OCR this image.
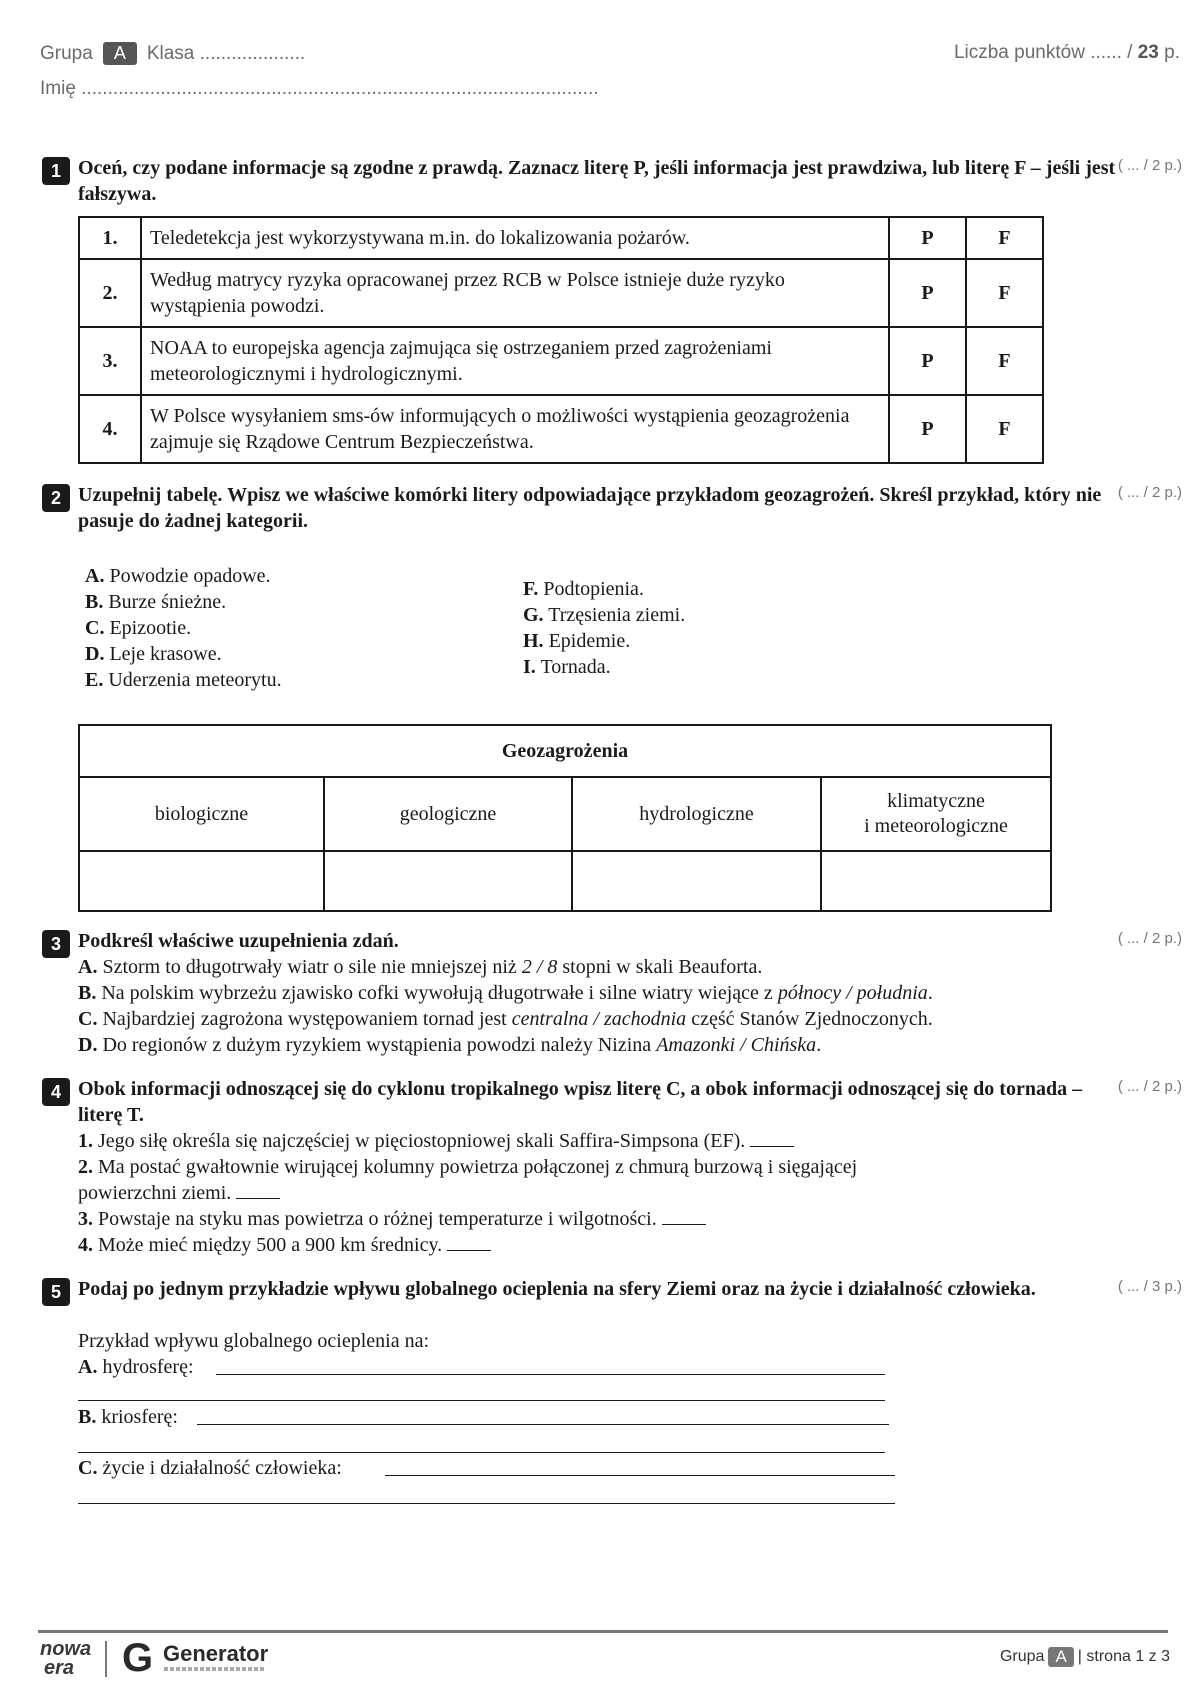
Grupa	A	Klasa ....................
Imię ..................................................................................................
Liczba punktów ...... / 23 p.
1 Oceń, czy podane informacje są zgodne z prawdą. Zaznacz literę P, jeśli informacja jest prawdziwa, lub literę F – jeśli jest fałszywa.
( ... / 2 p.)
1.	Teledetekcja jest wykorzystywana m.in. do lokalizowania pożarów.	P	F
2.	Według matrycy ryzyka opracowanej przez RCB w Polsce istnieje duże ryzyko wystąpienia powodzi.	P	F
3.	NOAA to europejska agencja zajmująca się ostrzeganiem przed zagrożeniami meteorologicznymi i hydrologicznymi.	P	F
4.	W Polsce wysyłaniem sms-ów informujących o możliwości wystąpienia geozagrożenia zajmuje się Rządowe Centrum Bezpieczeństwa.	P	F
2 Uzupełnij tabelę. Wpisz we właściwe komórki litery odpowiadające przykładom geozagrożeń. Skreśl przykład, który nie pasuje do żadnej kategorii.
( ... / 2 p.)
A. Powodzie opadowe.
B. Burze śnieżne.
C. Epizootie.
D. Leje krasowe.
E. Uderzenia meteorytu.
F. Podtopienia.
G. Trzęsienia ziemi.
H. Epidemie.
I. Tornada.
Geozagrożenia			
biologiczne	geologiczne	hydrologiczne	klimatyczne
i meteorologiczne

3 Podkreśl właściwe uzupełnienia zdań.	( ... / 2 p.)
A. Sztorm to długotrwały wiatr o sile nie mniejszej niż 2 / 8 stopni w skali Beauforta.
B. Na polskim wybrzeżu zjawisko cofki wywołują długotrwałe i silne wiatry wiejące z północy / południa.
C. Najbardziej zagrożona występowaniem tornad jest centralna / zachodnia część Stanów Zjednoczonych.
D. Do regionów z dużym ryzykiem wystąpienia powodzi należy Nizina Amazonki / Chińska.
4 Obok informacji odnoszącej się do cyklonu tropikalnego wpisz literę C, a obok informacji odnoszącej się do tornada – literę T.
( ... / 2 p.)
1. Jego siłę określa się najczęściej w pięciostopniowej skali Saffira-Simpsona (EF).
2. Ma postać gwałtownie wirującej kolumny powietrza połączonej z chmurą burzową i sięgającej
powierzchni ziemi.
3. Powstaje na styku mas powietrza o różnej temperaturze i wilgotności.
4. Może mieć między 500 a 900 km średnicy.
5 Podaj po jednym przykładzie wpływu globalnego ocieplenia na sfery Ziemi oraz na życie i działalność człowieka.	( ... / 3 p.)
Przykład wpływu globalnego ocieplenia na:
A. hydrosferę:
B. kriosferę:
C. życie i działalność człowieka:
nowa
era	G Generator	Grupa A | strona 1 z 3
